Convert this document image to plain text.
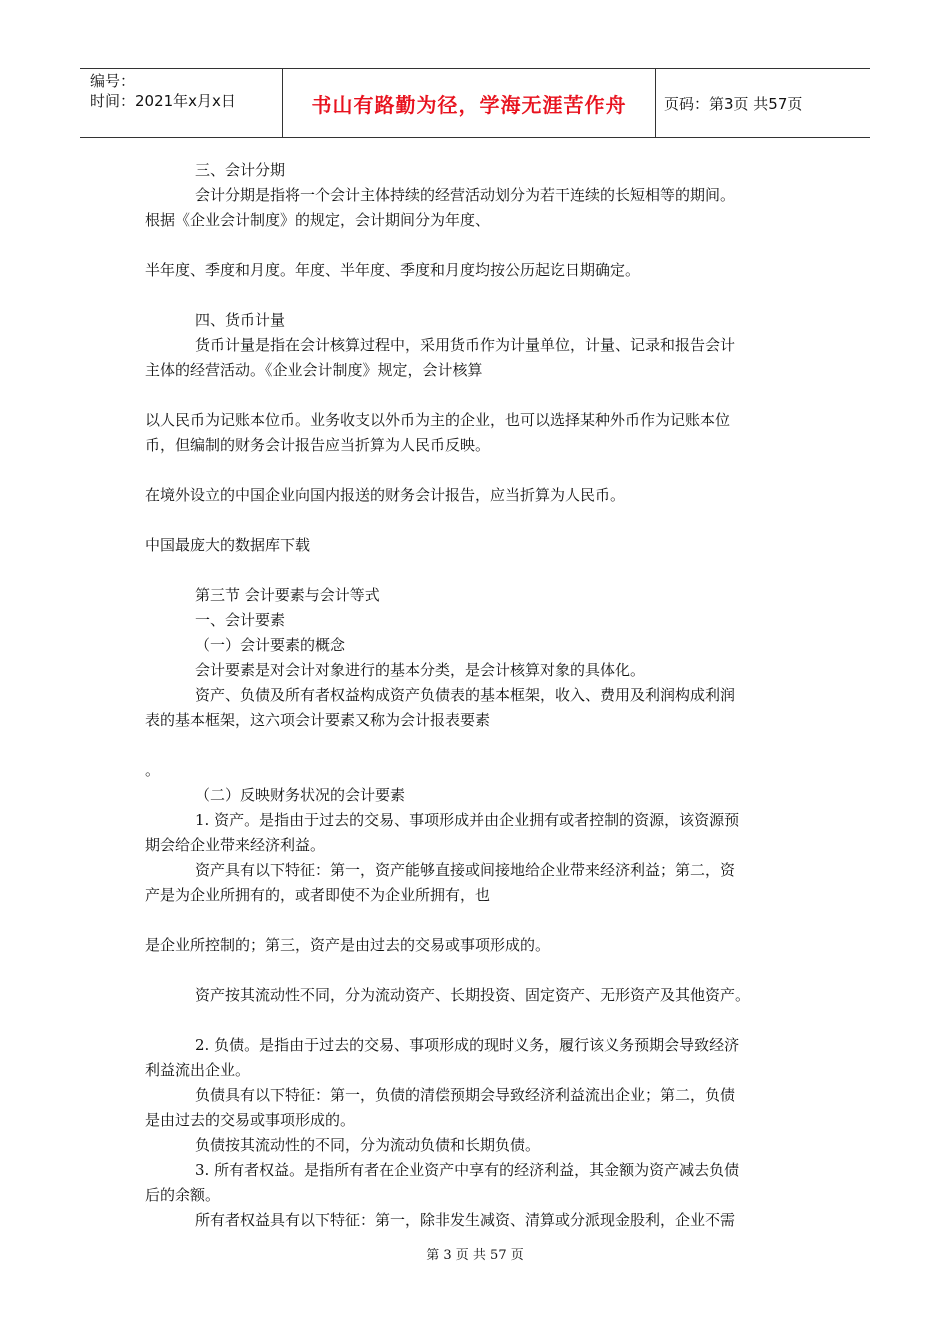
编号：
时间：2021年x月x日	书山有路勤为径，学海无涯苦作舟	页码：第3页 共57页

三、会计分期

会计分期是指将一个会计主体持续的经营活动划分为若干连续的长短相等的期间。

根据《企业会计制度》的规定，会计期间分为年度、

半年度、季度和月度。年度、半年度、季度和月度均按公历起讫日期确定。

四、货币计量

货币计量是指在会计核算过程中，采用货币作为计量单位，计量、记录和报告会计

主体的经营活动。《企业会计制度》规定，会计核算

以人民币为记账本位币。业务收支以外币为主的企业，也可以选择某种外币作为记账本位

币，但编制的财务会计报告应当折算为人民币反映。

在境外设立的中国企业向国内报送的财务会计报告，应当折算为人民币。

中国最庞大的数据库下载

第三节 会计要素与会计等式

一、会计要素

（一）会计要素的概念

会计要素是对会计对象进行的基本分类，是会计核算对象的具体化。

资产、负债及所有者权益构成资产负债表的基本框架，收入、费用及利润构成利润

表的基本框架，这六项会计要素又称为会计报表要素

。

（二）反映财务状况的会计要素

1. 资产。是指由于过去的交易、事项形成并由企业拥有或者控制的资源，该资源预

期会给企业带来经济利益。

资产具有以下特征：第一，资产能够直接或间接地给企业带来经济利益；第二，资

产是为企业所拥有的，或者即使不为企业所拥有，也

是企业所控制的；第三，资产是由过去的交易或事项形成的。

资产按其流动性不同，分为流动资产、长期投资、固定资产、无形资产及其他资产。

2. 负债。是指由于过去的交易、事项形成的现时义务，履行该义务预期会导致经济

利益流出企业。

负债具有以下特征：第一，负债的清偿预期会导致经济利益流出企业；第二，负债

是由过去的交易或事项形成的。

负债按其流动性的不同，分为流动负债和长期负债。

3. 所有者权益。是指所有者在企业资产中享有的经济利益，其金额为资产减去负债

后的余额。

所有者权益具有以下特征：第一，除非发生减资、清算或分派现金股利，企业不需

第 3 页 共 57 页
